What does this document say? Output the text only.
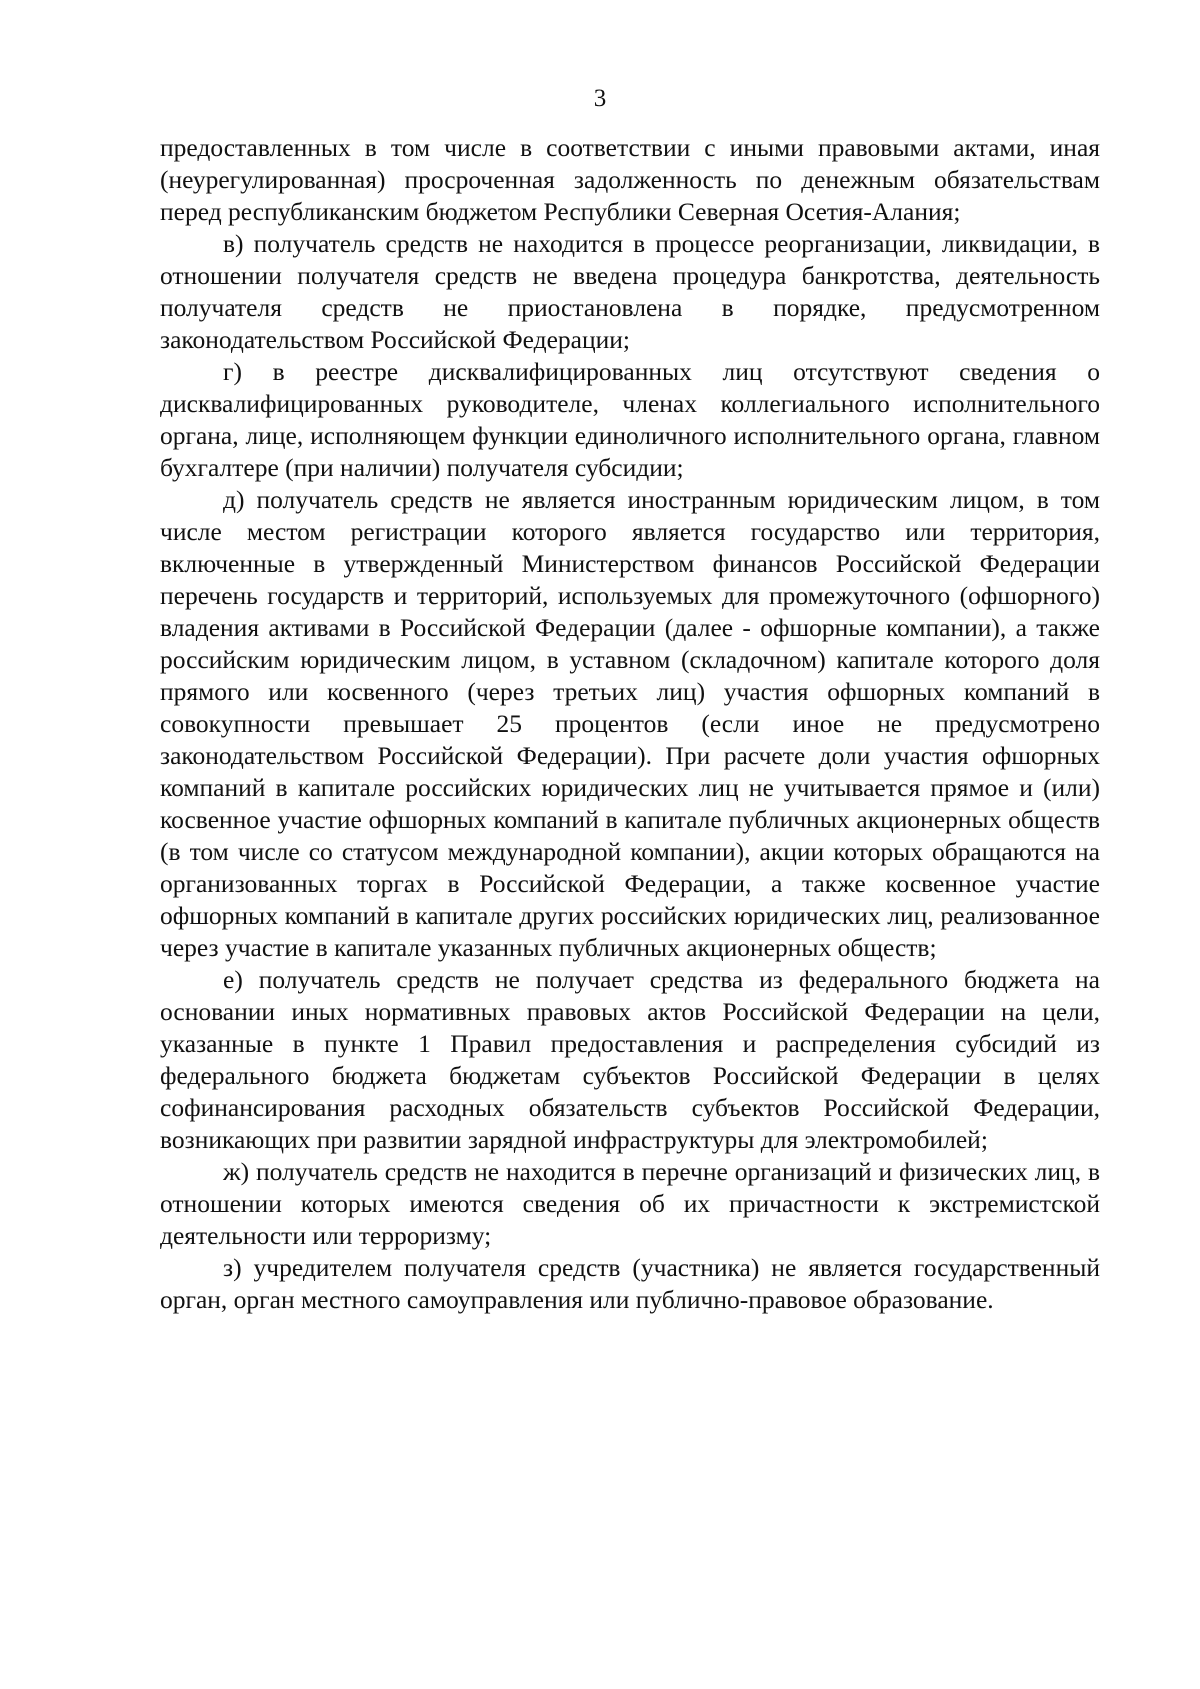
3

предоставленных в том числе в соответствии с иными правовыми актами, иная (неурегулированная) просроченная задолженность по денежным обязательствам перед республиканским бюджетом Республики Северная Осетия-Алания;

в) получатель средств не находится в процессе реорганизации, ликвидации, в отношении получателя средств не введена процедура банкротства, деятельность получателя средств не приостановлена в порядке, предусмотренном законодательством Российской Федерации;

г) в реестре дисквалифицированных лиц отсутствуют сведения о дисквалифицированных руководителе, членах коллегиального исполнительного органа, лице, исполняющем функции единоличного исполнительного органа, главном бухгалтере (при наличии) получателя субсидии;

д) получатель средств не является иностранным юридическим лицом, в том числе местом регистрации которого является государство или территория, включенные в утвержденный Министерством финансов Российской Федерации перечень государств и территорий, используемых для промежуточного (офшорного) владения активами в Российской Федерации (далее - офшорные компании), а также российским юридическим лицом, в уставном (складочном) капитале которого доля прямого или косвенного (через третьих лиц) участия офшорных компаний в совокупности превышает 25 процентов (если иное не предусмотрено законодательством Российской Федерации). При расчете доли участия офшорных компаний в капитале российских юридических лиц не учитывается прямое и (или) косвенное участие офшорных компаний в капитале публичных акционерных обществ (в том числе со статусом международной компании), акции которых обращаются на организованных торгах в Российской Федерации, а также косвенное участие офшорных компаний в капитале других российских юридических лиц, реализованное через участие в капитале указанных публичных акционерных обществ;

е) получатель средств не получает средства из федерального бюджета на основании иных нормативных правовых актов Российской Федерации на цели, указанные в пункте 1 Правил предоставления и распределения субсидий из федерального бюджета бюджетам субъектов Российской Федерации в целях софинансирования расходных обязательств субъектов Российской Федерации, возникающих при развитии зарядной инфраструктуры для электромобилей;

ж) получатель средств не находится в перечне организаций и физических лиц, в отношении которых имеются сведения об их причастности к экстремистской деятельности или терроризму;

з) учредителем получателя средств (участника) не является государственный орган, орган местного самоуправления или публично-правовое образование.
